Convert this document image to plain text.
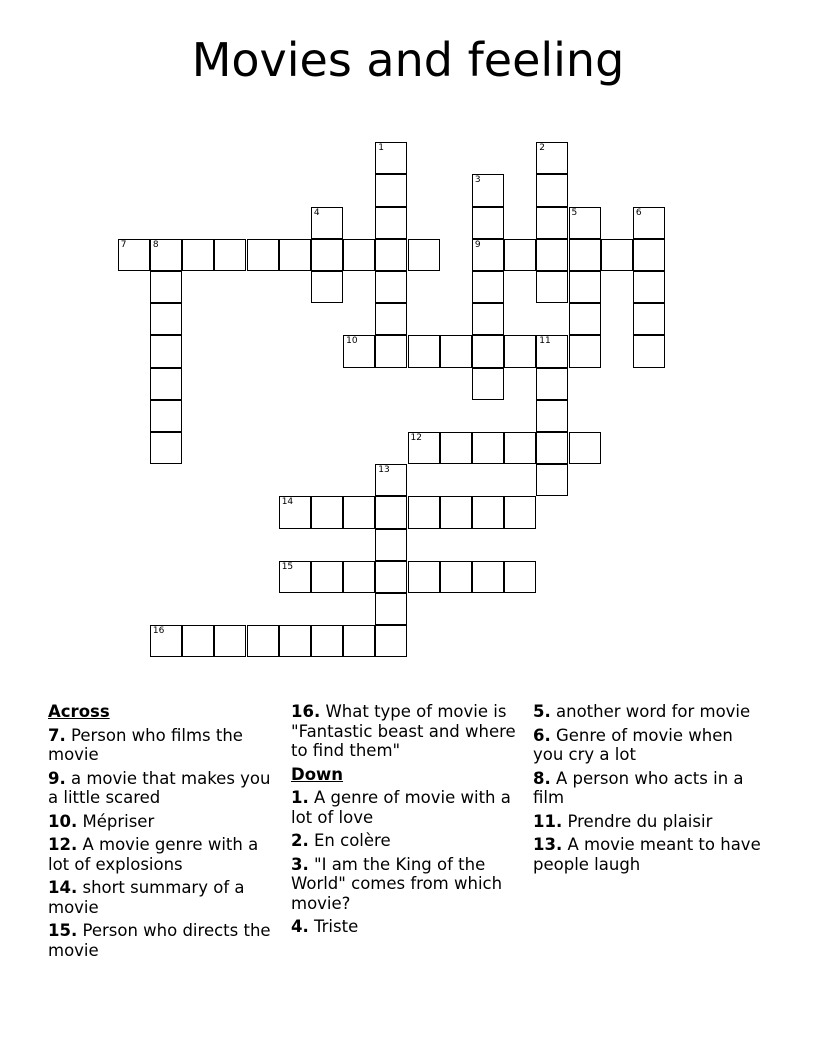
Movies and feeling
1	2
3
4	5	6
7	8	9
10	11
12
13
14
15
16
Across
7. Person who films the movie
9. a movie that makes you a little scared
10. Mépriser
12. A movie genre with a lot of explosions
14. short summary of a movie
15. Person who directs the movie
16. What type of movie is "Fantastic beast and where to find them"
Down
1. A genre of movie with a lot of love
2. En colère
3. "I am the King of the World" comes from which movie?
4. Triste
5. another word for movie
6. Genre of movie when you cry a lot
8. A person who acts in a film
11. Prendre du plaisir
13. A movie meant to have people laugh
